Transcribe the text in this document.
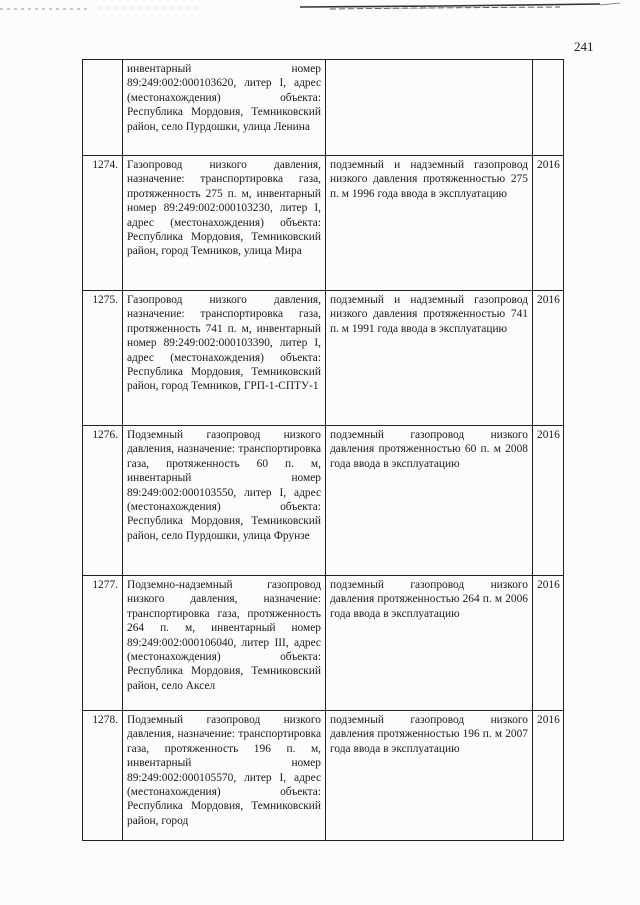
241
	инвентарный номер 89:249:002:000103620, литер I, адрес (местонахождения) объекта: Республика Мордовия, Темниковский район, село Пурдошки, улица Ленина		
1274.	Газопровод низкого давления, назначение: транспортировка газа, протяженность 275 п. м, инвентарный номер 89:249:002:000103230, литер I, адрес (местонахождения) объекта: Республика Мордовия, Темниковский район, город Темников, улица Мира	подземный и надземный газопровод низкого давления протяженностью 275 п. м 1996 года ввода в эксплуатацию	2016
1275.	Газопровод низкого давления, назначение: транспортировка газа, протяженность 741 п. м, инвентарный номер 89:249:002:000103390, литер I, адрес (местонахождения) объекта: Республика Мордовия, Темниковский район, город Темников, ГРП-1-СПТУ-1	подземный и надземный газопровод низкого давления протяженностью 741 п. м 1991 года ввода в эксплуатацию	2016
1276.	Подземный газопровод низкого давления, назначение: транспортировка газа, протяженность 60 п. м, инвентарный номер 89:249:002:000103550, литер I, адрес (местонахождения) объекта: Республика Мордовия, Темниковский район, село Пурдошки, улица Фрунзе	подземный газопровод низкого давления протяженностью 60 п. м 2008 года ввода в эксплуатацию	2016
1277.	Подземно-надземный газопровод низкого давления, назначение: транспортировка газа, протяженность 264 п. м, инвентарный номер 89:249:002:000106040, литер III, адрес (местонахождения) объекта: Республика Мордовия, Темниковский район, село Аксел	подземный газопровод низкого давления протяженностью 264 п. м 2006 года ввода в эксплуатацию	2016
1278.	Подземный газопровод низкого давления, назначение: транспортировка газа, протяженность 196 п. м, инвентарный номер 89:249:002:000105570, литер I, адрес (местонахождения) объекта: Республика Мордовия, Темниковский район, город	подземный газопровод низкого давления протяженностью 196 п. м 2007 года ввода в эксплуатацию	2016
